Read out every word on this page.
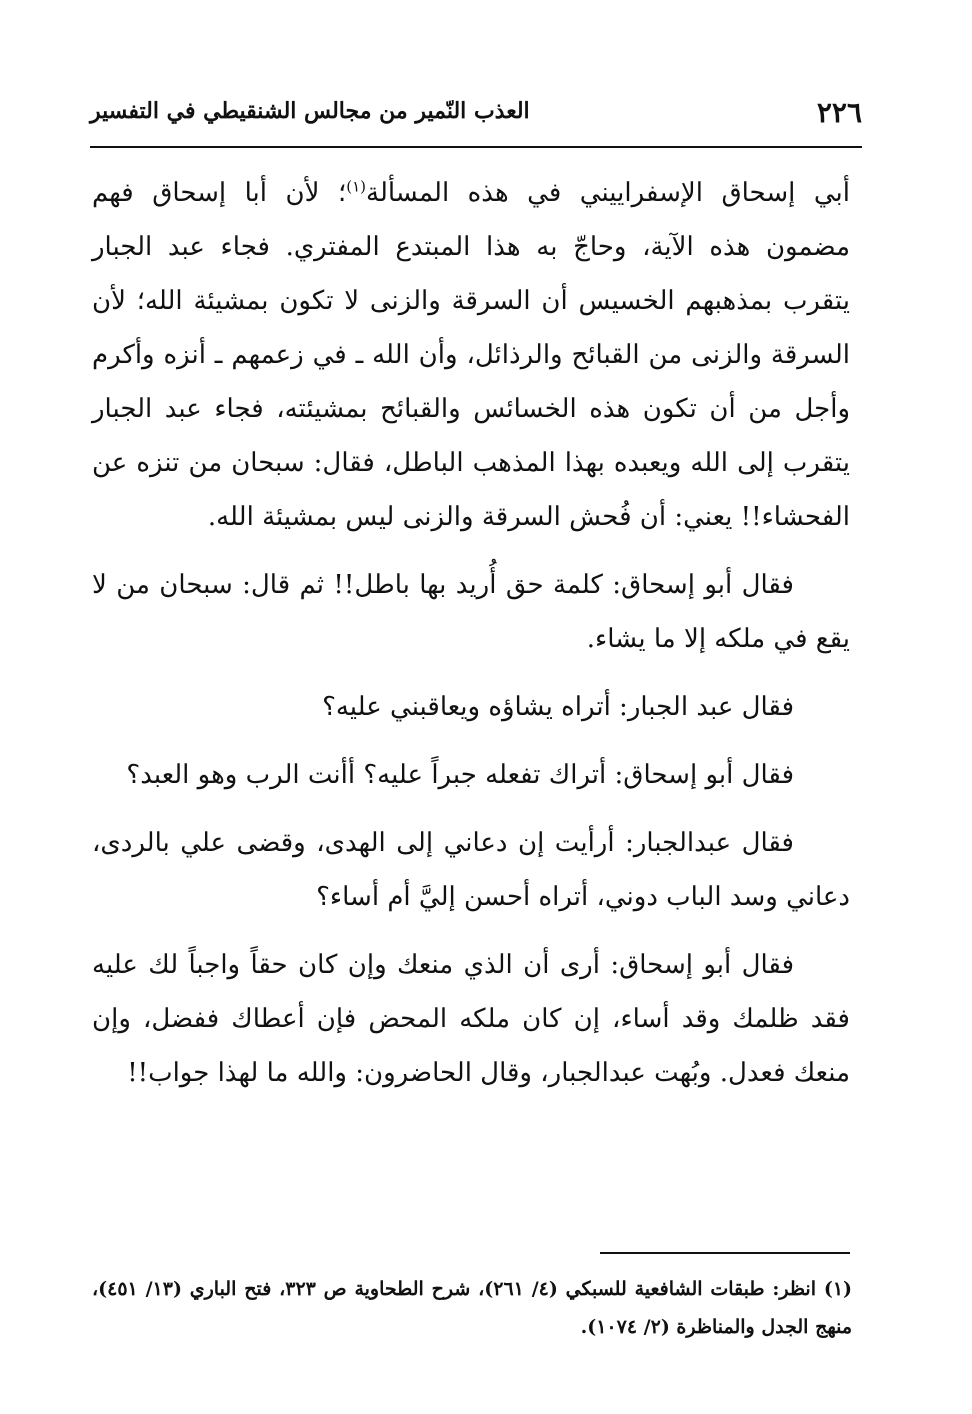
٢٢٦
العذب النّمير من مجالس الشنقيطي في التفسير

أبي إسحاق الإسفراييني في هذه المسألة$^{(١)}$؛ لأن أبا إسحاق فهم مضمون هذه الآية، وحاجّ به هذا المبتدع المفتري. فجاء عبد الجبار يتقرب بمذهبهم الخسيس أن السرقة والزنى لا تكون بمشيئة الله؛ لأن السرقة والزنى من القبائح والرذائل، وأن الله ـ في زعمهم ـ أنزه وأكرم وأجل من أن تكون هذه الخسائس والقبائح بمشيئته، فجاء عبد الجبار يتقرب إلى الله ويعبده بهذا المذهب الباطل، فقال: سبحان من تنزه عن الفحشاء!! يعني: أن فُحش السرقة والزنى ليس بمشيئة الله.

فقال أبو إسحاق: كلمة حق أُريد بها باطل!! ثم قال: سبحان من لا يقع في ملكه إلا ما يشاء.

فقال عبد الجبار: أتراه يشاؤه ويعاقبني عليه؟

فقال أبو إسحاق: أتراك تفعله جبراً عليه؟ أأنت الرب وهو العبد؟

فقال عبدالجبار: أرأيت إن دعاني إلى الهدى، وقضى علي بالردى، دعاني وسد الباب دوني، أتراه أحسن إليَّ أم أساء؟

فقال أبو إسحاق: أرى أن الذي منعك وإن كان حقاً واجباً لك عليه فقد ظلمك وقد أساء، إن كان ملكه المحض فإن أعطاك ففضل، وإن منعك فعدل. وبُهت عبدالجبار، وقال الحاضرون: والله ما لهذا جواب!!

(١) انظر: طبقات الشافعية للسبكي (٤/ ٢٦١)، شرح الطحاوية ص ٣٢٣، فتح الباري (١٣/ ٤٥١)، منهج الجدل والمناظرة (٢/ ١٠٧٤).
